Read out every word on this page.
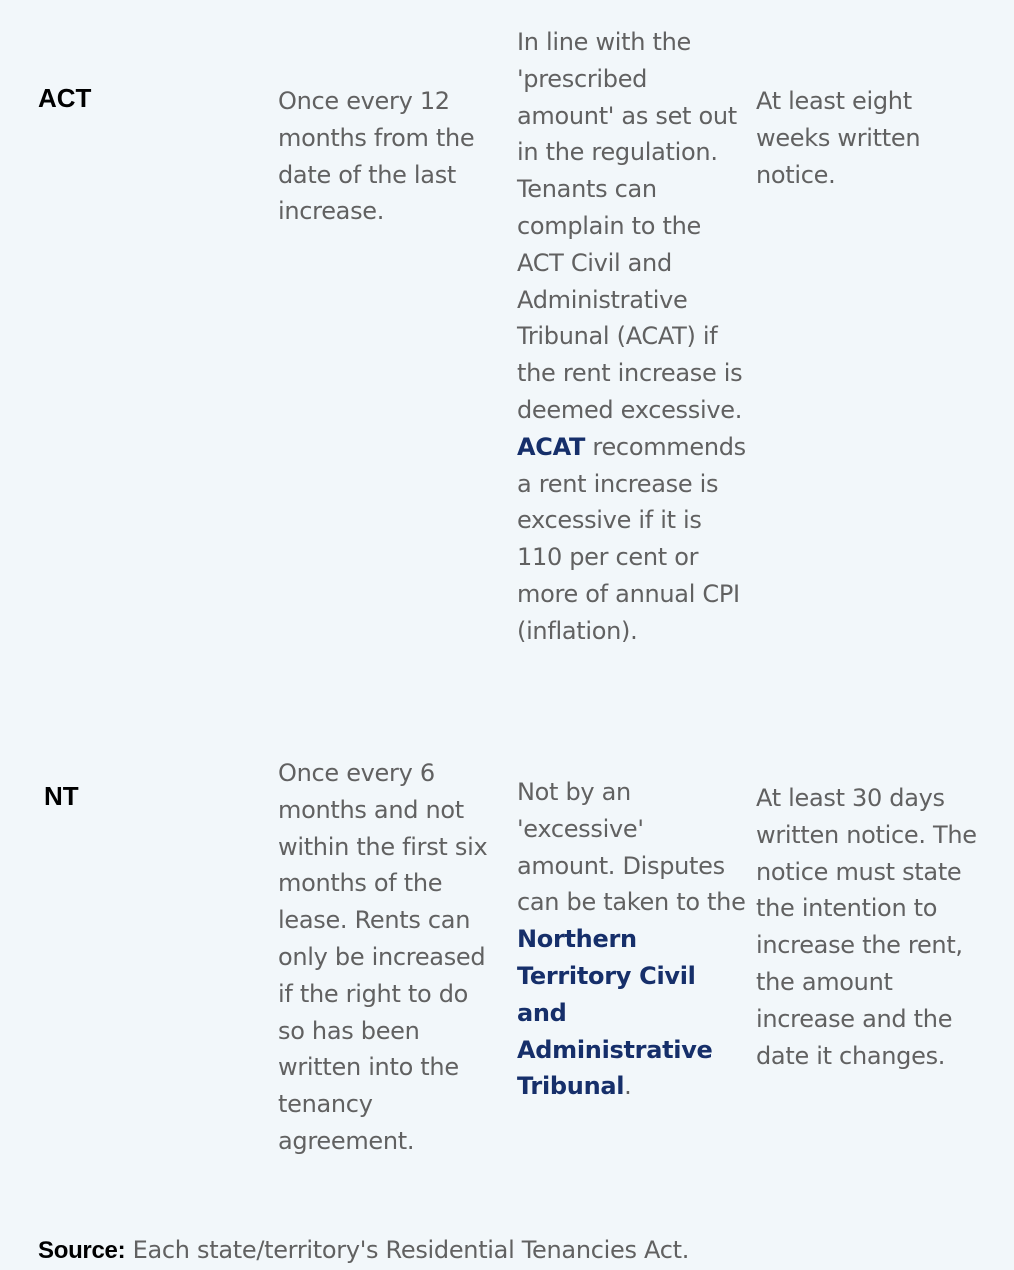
ACT	Once every 12 months from the date of the last increase.
In line with the 'prescribed amount' as set out in the regulation. Tenants can complain to the ACT Civil and Administrative Tribunal (ACAT) if the rent increase is deemed excessive. ACAT recommends a rent increase is excessive if it is 110 per cent or more of annual CPI (inflation).
At least eight weeks written notice.
NT
Once every 6 months and not within the first six months of the lease. Rents can only be increased if the right to do so has been written into the tenancy agreement.
Not by an 'excessive' amount. Disputes can be taken to the Northern Territory Civil and Administrative Tribunal.
At least 30 days written notice. The notice must state the intention to increase the rent, the amount increase and the date it changes.
Source: Each state/territory's Residential Tenancies Act.
